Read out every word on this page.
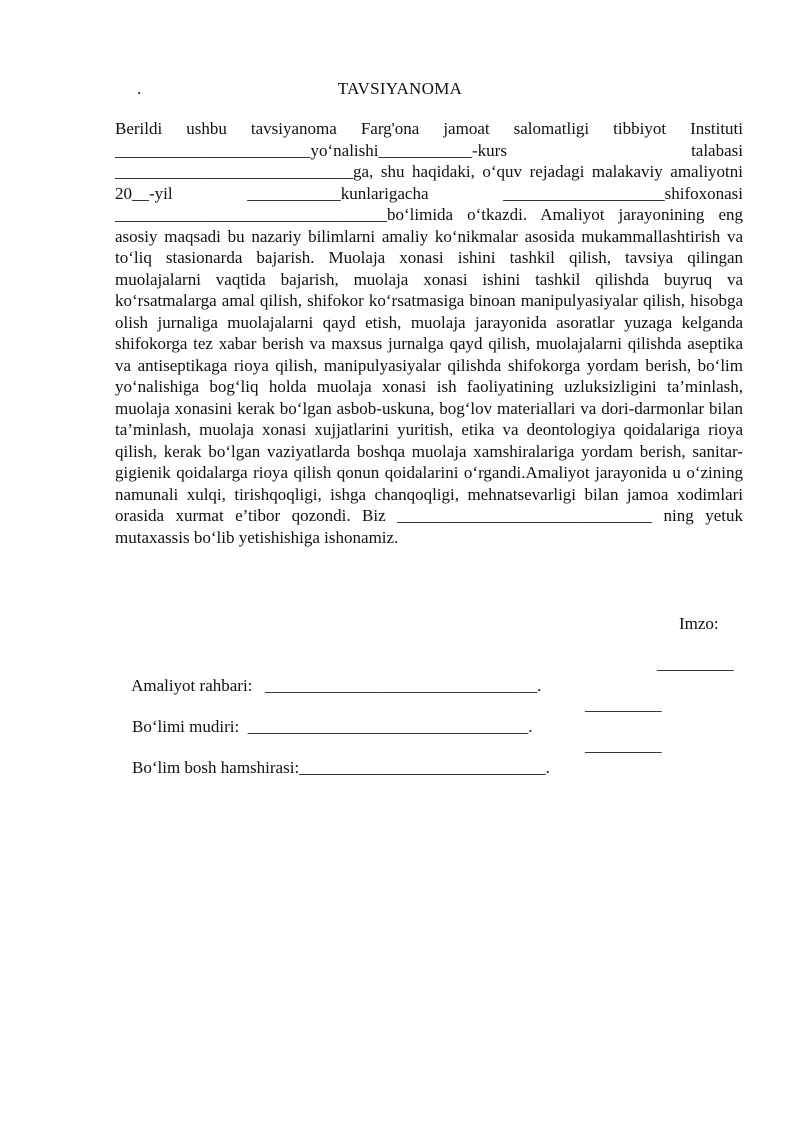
.	TAVSIYANOMA
Berildi ushbu tavsiyanoma Farg'ona jamoat salomatligi tibbiyot Instituti _______________________yo‘nalishi___________-kurs talabasi ____________________________ga, shu haqidaki, o‘quv rejadagi malakaviy amaliyotni 20__-yil ___________kunlarigacha ___________________shifoxonasi ________________________________bo‘limida o‘tkazdi. Amaliyot jarayonining eng asosiy maqsadi bu nazariy bilimlarni amaliy ko‘nikmalar asosida mukammallashtirish va to‘liq stasionarda bajarish. Muolaja xonasi ishini tashkil qilish, tavsiya qilingan muolajalarni vaqtida bajarish, muolaja xonasi ishini tashkil qilishda buyruq va ko‘rsatmalarga amal qilish, shifokor ko‘rsatmasiga binoan manipulyasiyalar qilish, hisobga olish jurnaliga muolajalarni qayd etish, muolaja jarayonida asoratlar yuzaga kelganda shifokorga tez xabar berish va maxsus jurnalga qayd qilish, muolajalarni qilishda aseptika va antiseptikaga rioya qilish, manipulyasiyalar qilishda shifokorga yordam berish, bo‘lim yo‘nalishiga bog‘liq holda muolaja xonasi ish faoliyatining uzluksizligini ta’minlash, muolaja xonasini kerak bo‘lgan asbob-uskuna, bog‘lov materiallari va dori-darmonlar bilan ta’minlash, muolaja xonasi xujjatlarini yuritish, etika va deontologiya qoidalariga rioya qilish, kerak bo‘lgan vaziyatlarda boshqa muolaja xamshiralariga yordam berish, sanitar-gigienik qoidalarga rioya qilish qonun qoidalarini o‘rgandi.Amaliyot jarayonida u o‘zining namunali xulqi, tirishqoqligi, ishga chanqoqligi, mehnatsevarligi bilan jamoa xodimlari orasida xurmat e’tibor qozondi. Biz ______________________________ ning yetuk mutaxassis bo‘lib yetishishiga ishonamiz.
Imzo:

Amaliyot rahbari:   ________________________________.

_________

Bo‘limi mudiri:  _________________________________.

_________

Bo‘lim bosh hamshirasi:_____________________________.

_________
